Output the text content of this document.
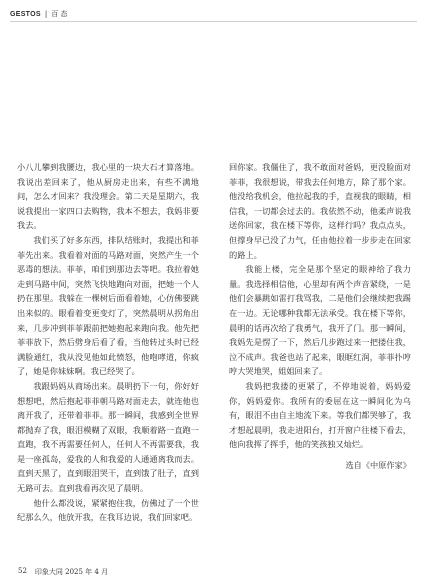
GESTOS | 百 态

小八儿攀到我腰边，我心里的一块大石才算落地。我说出差回来了，他从厨房走出来，有些不满地问，怎么才回来？我没理会。第二天是星期六，我说我提出一家四口去购物，我本不想去，我妈非要我去。

我们买了好多东西，排队结账时，我提出和菲菲先出来。我看着对面的马路对面，突然产生一个恶毒的想法。菲菲，咱们到那边去等吧。我拉着她走到马路中间，突然飞快地跑向对面，把她一个人扔在那里。我躲在一棵树后面看着她，心仿佛要跳出来似的。眼看着变更变灯了，突然晨明从拐角出来，几步冲到菲菲跟前把她抱起来跑向我。他先把菲菲放下，然后劈身后看了看，当他转过头时已经满脸通红，我从没见他如此愤怒，他咆哮道，你疯了，她是你妹妹啊。我已经哭了。

我跟妈妈从商场出来。晨明扔下一句，你好好想想吧，然后抱起菲菲朝马路对面走去，就连他也离开我了，还带着菲菲。那一瞬间，我感到全世界都抛弃了我，眼泪模糊了双眼，我顺着路一直跑一直跑，我不再需要任何人，任何人不再需要我，我是一座孤岛，爱我的人和我爱的人通通离我而去。直到天黑了，直到眼泪哭干，直到饿了肚子，直到无路可去。直到我看再次见了晨明。

他什么都没说，紧紧抱住我，仿佛过了一个世纪那么久，他放开我，在我耳边说，我们回家吧。

回你家。我僵住了，我不敢面对爸妈，更没脸面对菲菲，我很想说，带我去任何地方，除了那个家。他没给我机会，他拉起我的手，直视我的眼睛，相信我，一切都会过去的。我依然不动，他柔声说我送你回家，我在楼下等你，这样行吗？我点点头，但撑身早已没了力气，任由他拉着一步步走在回家的路上。

我能上楼，完全是那个坚定的眼神给了我力量。我选择相信他，心里却有两个声音紧绕，一是他们会暴跳如雷打我骂我，二是他们会继续把我踢在一边。无论哪种我都无法承受。我在楼下等你，晨明的话再次给了我勇气，我开了门。那一瞬间，我妈先是愣了一下，然后几步跑过来一把搂住我，泣不成声。我爸也站了起来，眼眶红润，菲菲扑哼哼大哭地哭，姐姐回来了。

我妈把我搂的更紧了，不停地说着，妈妈爱你，妈妈爱你。我所有的委屈在这一瞬间化为乌有，眼泪不由自主地流下来。等我们都哭够了，我才想起晨明，我走进阳台，打开窗户往楼下看去，他向我挥了挥手，他的笑孩独又灿烂。

选自《中原作家》

52 印象大同 2025 年 4 月
